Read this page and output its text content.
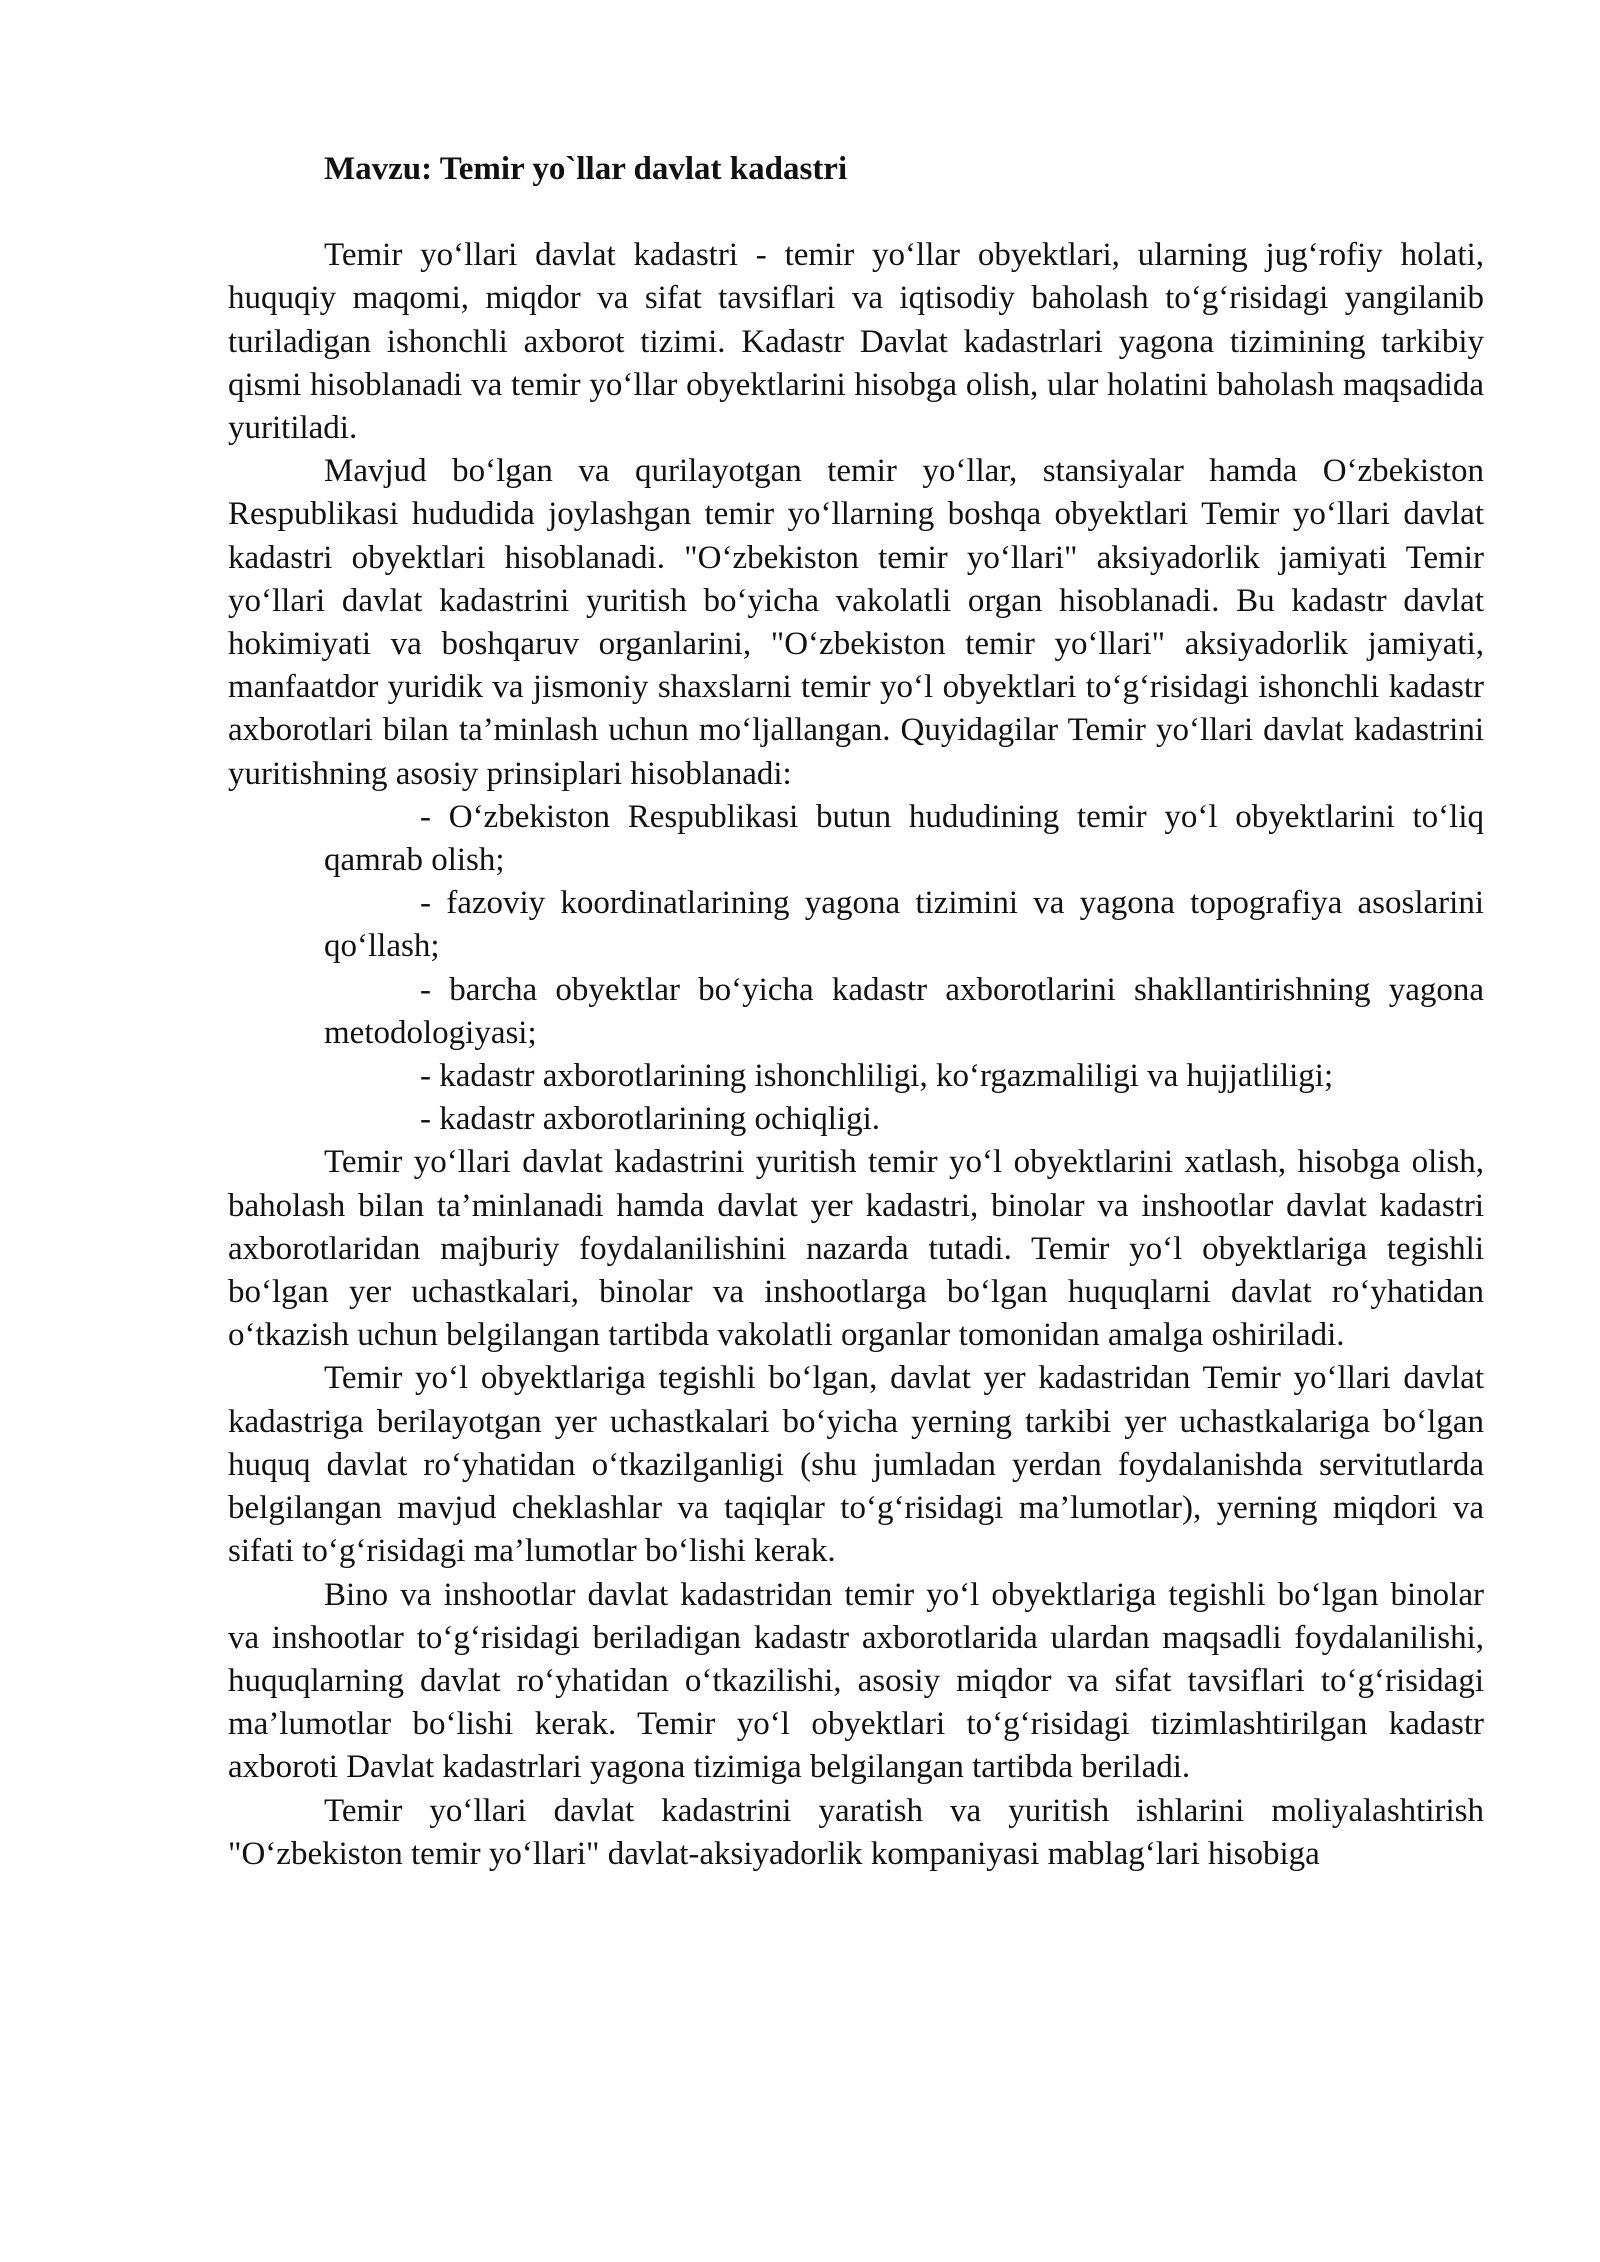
Mavzu: Temir yo`llar davlat kadastri

Temir yo‘llari davlat kadastri - temir yo‘llar obyektlari, ularning jug‘rofiy holati, huquqiy maqomi, miqdor va sifat tavsiflari va iqtisodiy baholash to‘g‘risidagi yangilanib turiladigan ishonchli axborot tizimi. Kadastr Davlat kadastrlari yagona tizimining tarkibiy qismi hisoblanadi va temir yo‘llar obyektlarini hisobga olish, ular holatini baholash maqsadida yuritiladi.

Mavjud bo‘lgan va qurilayotgan temir yo‘llar, stansiyalar hamda O‘zbekiston Respublikasi hududida joylashgan temir yo‘llarning boshqa obyektlari Temir yo‘llari davlat kadastri obyektlari hisoblanadi. "O‘zbekiston temir yo‘llari" aksiyadorlik jamiyati Temir yo‘llari davlat kadastrini yuritish bo‘yicha vakolatli organ hisoblanadi. Bu kadastr davlat hokimiyati va boshqaruv organlarini, "O‘zbekiston temir yo‘llari" aksiyadorlik jamiyati, manfaatdor yuridik va jismoniy shaxslarni temir yo‘l obyektlari to‘g‘risidagi ishonchli kadastr axborotlari bilan ta’minlash uchun mo‘ljallangan. Quyidagilar Temir yo‘llari davlat kadastrini yuritishning asosiy prinsiplari hisoblanadi:

- O‘zbekiston Respublikasi butun hududining temir yo‘l obyektlarini to‘liq qamrab olish;
- fazoviy koordinatlarining yagona tizimini va yagona topografiya asoslarini qo‘llash;
- barcha obyektlar bo‘yicha kadastr axborotlarini shakllantirishning yagona metodologiyasi;
- kadastr axborotlarining ishonchliligi, ko‘rgazmaliligi va hujjatliligi;
- kadastr axborotlarining ochiqligi.

Temir yo‘llari davlat kadastrini yuritish temir yo‘l obyektlarini xatlash, hisobga olish, baholash bilan ta’minlanadi hamda davlat yer kadastri, binolar va inshootlar davlat kadastri axborotlaridan majburiy foydalanilishini nazarda tutadi. Temir yo‘l obyektlariga tegishli bo‘lgan yer uchastkalari, binolar va inshootlarga bo‘lgan huquqlarni davlat ro‘yhatidan o‘tkazish uchun belgilangan tartibda vakolatli organlar tomonidan amalga oshiriladi.

Temir yo‘l obyektlariga tegishli bo‘lgan, davlat yer kadastridan Temir yo‘llari davlat kadastriga berilayotgan yer uchastkalari bo‘yicha yerning tarkibi yer uchastkalariga bo‘lgan huquq davlat ro‘yhatidan o‘tkazilganligi (shu jumladan yerdan foydalanishda servitutlarda belgilangan mavjud cheklashlar va taqiqlar to‘g‘risidagi ma’lumotlar), yerning miqdori va sifati to‘g‘risidagi ma’lumotlar bo‘lishi kerak.

Bino va inshootlar davlat kadastridan temir yo‘l obyektlariga tegishli bo‘lgan binolar va inshootlar to‘g‘risidagi beriladigan kadastr axborotlarida ulardan maqsadli foydalanilishi, huquqlarning davlat ro‘yhatidan o‘tkazilishi, asosiy miqdor va sifat tavsiflari to‘g‘risidagi ma’lumotlar bo‘lishi kerak. Temir yo‘l obyektlari to‘g‘risidagi tizimlashtirilgan kadastr axboroti Davlat kadastrlari yagona tizimiga belgilangan tartibda beriladi.

Temir yo‘llari davlat kadastrini yaratish va yuritish ishlarini moliyalashtirish "O‘zbekiston temir yo‘llari" davlat-aksiyadorlik kompaniyasi mablag‘lari hisobiga
